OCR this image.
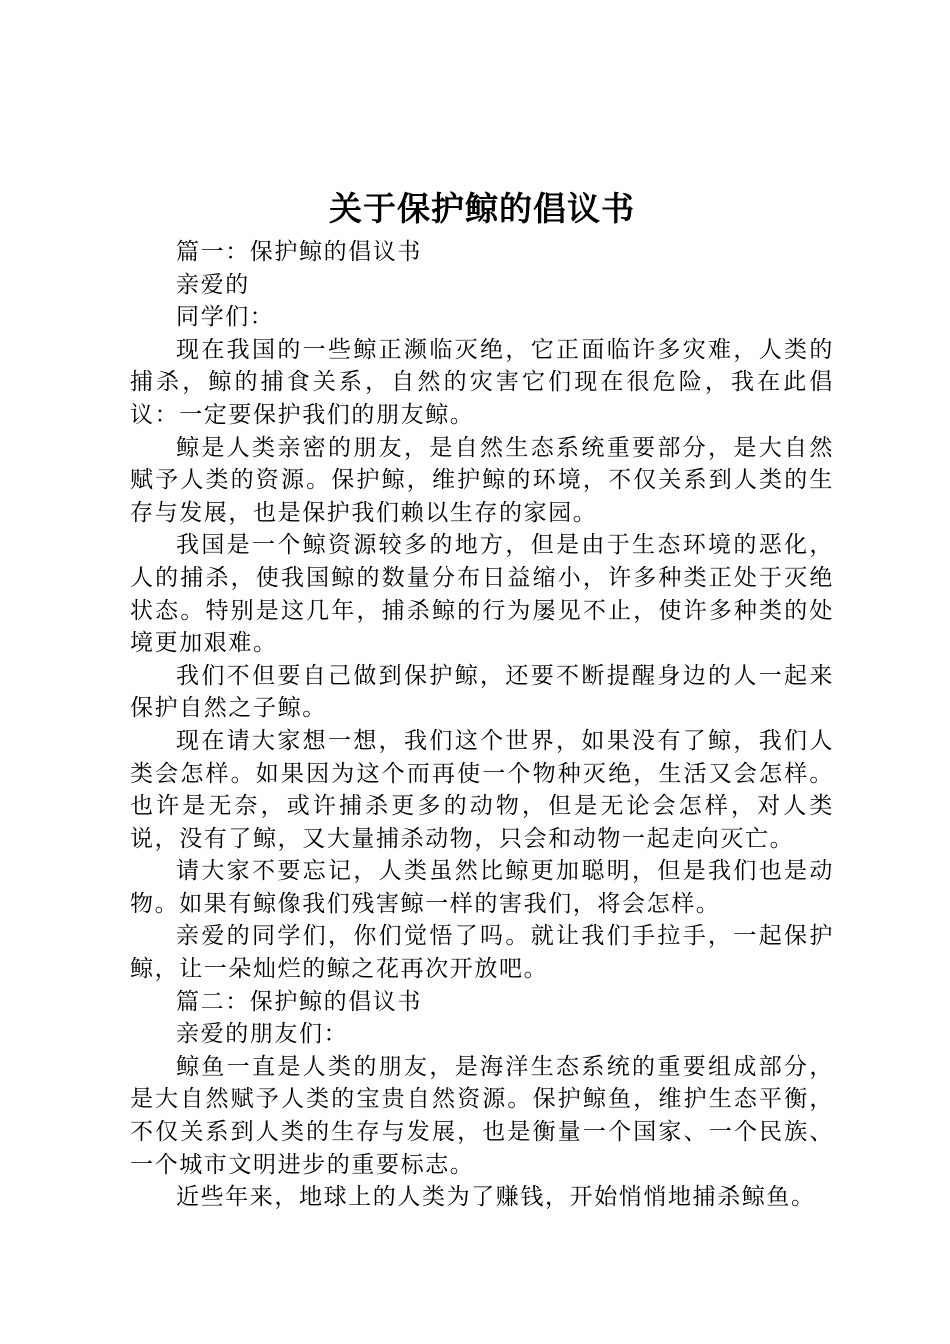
关于保护鲸的倡议书

篇一：保护鲸的倡议书

亲爱的

同学们：

现在我国的一些鲸正濒临灭绝，它正面临许多灾难，人类的捕杀，鲸的捕食关系，自然的灾害它们现在很危险，我在此倡议：一定要保护我们的朋友鲸。

鲸是人类亲密的朋友，是自然生态系统重要部分，是大自然赋予人类的资源。保护鲸，维护鲸的环境，不仅关系到人类的生存与发展，也是保护我们赖以生存的家园。

我国是一个鲸资源较多的地方，但是由于生态环境的恶化，人的捕杀，使我国鲸的数量分布日益缩小，许多种类正处于灭绝状态。特别是这几年，捕杀鲸的行为屡见不止，使许多种类的处境更加艰难。

我们不但要自己做到保护鲸，还要不断提醒身边的人一起来保护自然之子鲸。

现在请大家想一想，我们这个世界，如果没有了鲸，我们人类会怎样。如果因为这个而再使一个物种灭绝，生活又会怎样。也许是无奈，或许捕杀更多的动物，但是无论会怎样，对人类说，没有了鲸，又大量捕杀动物，只会和动物一起走向灭亡。

请大家不要忘记，人类虽然比鲸更加聪明，但是我们也是动物。如果有鲸像我们残害鲸一样的害我们，将会怎样。

亲爱的同学们，你们觉悟了吗。就让我们手拉手，一起保护鲸，让一朵灿烂的鲸之花再次开放吧。

篇二：保护鲸的倡议书

亲爱的朋友们：

鲸鱼一直是人类的朋友，是海洋生态系统的重要组成部分，是大自然赋予人类的宝贵自然资源。保护鲸鱼，维护生态平衡，不仅关系到人类的生存与发展，也是衡量一个国家、一个民族、一个城市文明进步的重要标志。

近些年来，地球上的人类为了赚钱，开始悄悄地捕杀鲸鱼。
